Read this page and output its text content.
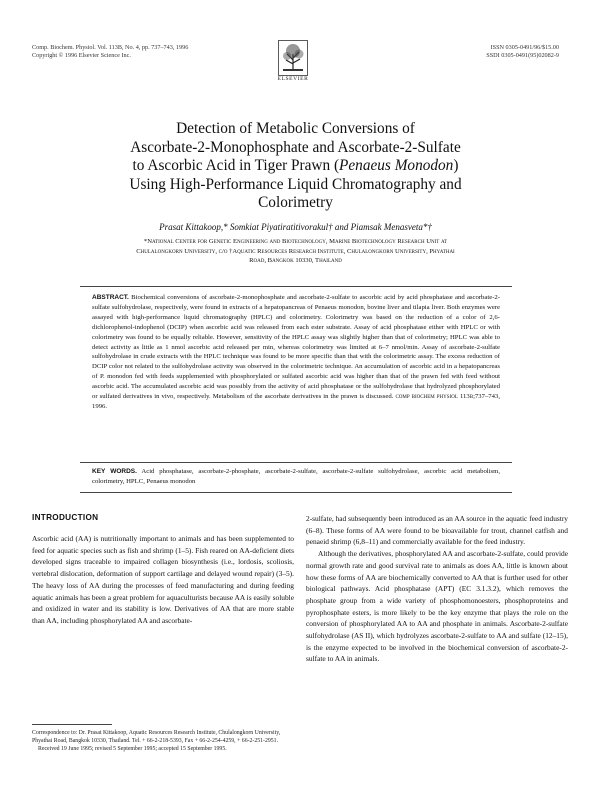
Comp. Biochem. Physiol. Vol. 113B, No. 4, pp. 737–743, 1996
Copyright © 1996 Elsevier Science Inc.
ISSN 0305-0491/96/$15.00
SSDI 0305-0491(95)02082-9
ELSEVIER
Detection of Metabolic Conversions of
Ascorbate-2-Monophosphate and Ascorbate-2-Sulfate
to Ascorbic Acid in Tiger Prawn (Penaeus Monodon)
Using High-Performance Liquid Chromatography and
Colorimetry
Prasat Kittakoop,* Somkiat Piyatiratitivorakul† and Piamsak Menasveta*†
*National Center for Genetic Engineering and Biotechnology, Marine Biotechnology Research Unit at
Chulalongkorn University, c/o †Aquatic Resources Research Institute, Chulalongkorn University, Phyathai
Road, Bangkok 10330, Thailand
ABSTRACT. Biochemical conversions of ascorbate-2-monophosphate and ascorbate-2-sulfate to ascorbic acid by acid phosphatase and ascorbate-2-sulfate sulfohydrolase, respectively, were found in extracts of a hepatopancreas of Penaeus monodon, bovine liver and tilapia liver. Both enzymes were assayed with high-performance liquid chromatography (HPLC) and colorimetry. Colorimetry was based on the reduction of a color of 2,6-dichlorophenol-indophenol (DCIP) when ascorbic acid was released from each ester substrate. Assay of acid phosphatase either with HPLC or with colorimetry was found to be equally reliable. However, sensitivity of the HPLC assay was slightly higher than that of colorimetry; HPLC was able to detect activity as little as 1 nmol ascorbic acid released per min, whereas colorimetry was limited at 6–7 nmol/min. Assay of ascorbate-2-sulfate sulfohydrolase in crude extracts with the HPLC technique was found to be more specific than that with the colorimetric assay. The excess reduction of DCIP color not related to the sulfohydrolase activity was observed in the colorimetric technique. An accumulation of ascorbic acid in a hepatopancreas of P. monodon fed with feeds supplemented with phosphorylated or sulfated ascorbic acid was higher than that of the prawn fed with feed without ascorbic acid. The accumulated ascorbic acid was possibly from the activity of acid phosphatase or the sulfohydrolase that hydrolyzed phosphorylated or sulfated derivatives in vivo, respectively. Metabolism of the ascorbate derivatives in the prawn is discussed. comp biochem physiol 113b;737–743, 1996.
KEY WORDS. Acid phosphatase, ascorbate-2-phosphate, ascorbate-2-sulfate, ascorbate-2-sulfate sulfohydrolase, ascorbic acid metabolism, colorimetry, HPLC, Penaeus monodon
INTRODUCTION

Ascorbic acid (AA) is nutritionally important to animals and has been supplemented to feed for aquatic species such as fish and shrimp (1–5). Fish reared on AA-deficient diets developed signs traceable to impaired collagen biosynthesis (i.e., lordosis, scoliosis, vertebral dislocation, deformation of support cartilage and delayed wound repair) (3–5). The heavy loss of AA during the processes of feed manufacturing and during feeding aquatic animals has been a great problem for aquaculturists because AA is easily soluble and oxidized in water and its stability is low. Derivatives of AA that are more stable than AA, including phosphorylated AA and ascorbate-

2-sulfate, had subsequently been introduced as an AA source in the aquatic feed industry (6–8). These forms of AA were found to be bioavailable for trout, channel catfish and penaeid shrimp (6,8–11) and commercially available for the feed industry.

Although the derivatives, phosphorylated AA and ascorbate-2-sulfate, could provide normal growth rate and good survival rate to animals as does AA, little is known about how these forms of AA are biochemically converted to AA that is further used for other biological pathways. Acid phosphatase (APT) (EC 3.1.3.2), which removes the phosphate group from a wide variety of phosphomonoesters, phosphoproteins and pyrophosphate esters, is more likely to be the key enzyme that plays the role on the conversion of phosphorylated AA to AA and phosphate in animals. Ascorbate-2-sulfate sulfohydrolase (AS II), which hydrolyzes ascorbate-2-sulfate to AA and sulfate (12–15), is the enzyme expected to be involved in the biochemical conversion of ascorbate-2-sulfate to AA in animals.

Correspondence to: Dr. Prasat Kittakoop, Aquatic Resources Research Institute, Chulalongkorn University, Phyathai Road, Bangkok 10330, Thailand. Tel. + 66-2-218-5393, Fax + 66-2-254-4259, + 66-2-251-2951.
Received 19 June 1995; revised 5 September 1995; accepted 15 September 1995.
